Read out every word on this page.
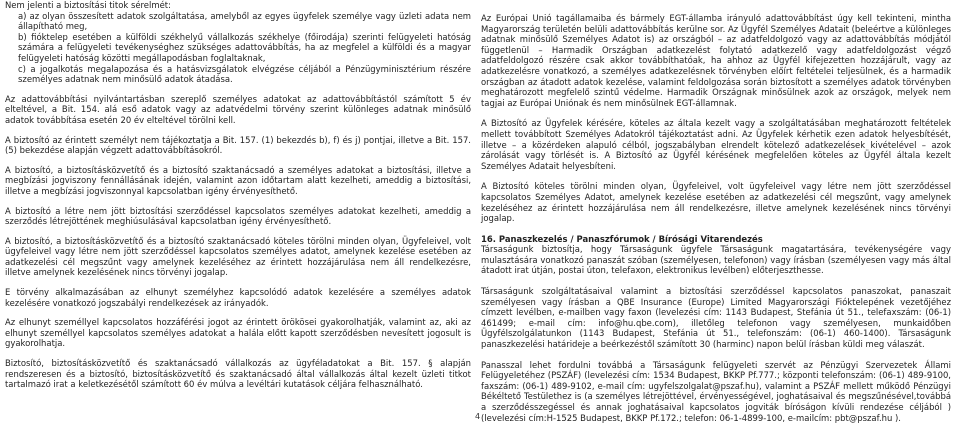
Nem jelenti a biztosítási titok sérelmét:
a) az olyan összesített adatok szolgáltatása, amelyből az egyes ügyfelek személye vagy üzleti adata nem állapítható meg,
b) fióktelep esetében a külföldi székhelyű vállalkozás székhelye (főirodája) szerinti felügyeleti hatóság számára a felügyeleti tevékenységhez szükséges adattovábbítás, ha az megfelel a külföldi és a magyar felügyeleti hatóság közötti megállapodásban foglaltaknak,
c) a jogalkotás megalapozása és a hatásvizsgálatok elvégzése céljából a Pénzügyminisztérium részére személyes adatnak nem minősülő adatok átadása.
Az adattovábbítási nyilvántartásban szereplő személyes adatokat az adattovábbítástól számított 5 év elteltével, a Bit. 154. alá eső adatok vagy az adatvédelmi törvény szerint különleges adatnak minősülő adatok továbbítása esetén 20 év elteltével törölni kell.
A biztosító az érintett személyt nem tájékoztatja a Bit. 157. (1) bekezdés b), f) és j) pontjai, illetve a Bit. 157. (5) bekezdése alapján végzett adattovábbításokról.
A biztosító, a biztosításközvetítő és a biztosító szaktanácsadó a személyes adatokat a biztosítási, illetve a megbízási jogviszony fennállásának idején, valamint azon időtartam alatt kezelheti, ameddig a biztosítási, illetve a megbízási jogviszonnyal kapcsolatban igény érvényesíthető.
A biztosító a létre nem jött biztosítási szerződéssel kapcsolatos személyes adatokat kezelheti, ameddig a szerződés létrejöttének meghiúsulásával kapcsolatban igény érvényesíthető.
A biztosító, a biztosításközvetítő és a biztosító szaktanácsadó köteles törölni minden olyan, Ügyfeleivel, volt ügyfeleivel vagy létre nem jött szerződéssel kapcsolatos személyes adatot, amelynek kezelése esetében az adatkezelési cél megszűnt vagy amelynek kezeléséhez az érintett hozzájárulása nem áll rendelkezésre, illetve amelynek kezelésének nincs törvényi jogalap.
E törvény alkalmazásában az elhunyt személyhez kapcsolódó adatok kezelésére a személyes adatok kezelésére vonatkozó jogszabályi rendelkezések az irányadók.
Az elhunyt személlyel kapcsolatos hozzáférési jogot az érintett örökösei gyakorolhatják, valamint az, aki az elhunyt személlyel kapcsolatos személyes adatokat a halála előtt kapott szerződésben nevesített jogosult is gyakorolhatja.
Biztosító, biztosításközvetítő és szaktanácsadó vállalkozás az ügyféladatokat a Bit. 157. § alapján rendszeresen és a biztosító, biztosításközvetítő és szaktanácsadó által vállalkozás által kezelt üzleti titkot tartalmazó irat a keletkezésétől számított 60 év múlva a levéltári kutatások céljára felhasználható.
4
Az Európai Unió tagállamaiba és bármely EGT-államba irányuló adattovábbítást úgy kell tekinteni, mintha Magyarország területén belüli adattovábbítás kerülne sor. Az Ügyfél Személyes Adatait (beleértve a különleges adatnak minősülő Személyes Adatot is) az országból – az adatfeldolgozó vagy az adattovábbítás módjától függetlenül – Harmadik Országban adatkezelést folytató adatkezelő vagy adatfeldolgozást végző adatfeldolgozó részére csak akkor továbbíthatóak, ha ahhoz az Ügyfél kifejezetten hozzájárult, vagy az adatkezelésre vonatkozó, a személyes adatkezelésnek törvényben előírt feltételei teljesülnek, és a harmadik országban az átadott adatok kezelése, valamint feldolgozása során biztosított a személyes adatok törvényben meghatározott megfelelő szintű védelme. Harmadik Országnak minősülnek azok az országok, melyek nem tagjai az Európai Uniónak és nem minősülnek EGT-államnak.
A Biztosító az Ügyfelek kérésére, köteles az általa kezelt vagy a szolgáltatásában meghatározott feltételek mellett továbbított Személyes Adatokról tájékoztatást adni. Az Ügyfelek kérhetik ezen adatok helyesbítését, illetve – a közérdeken alapuló célból, jogszabályban elrendelt kötelező adatkezelések kivételével – azok zárolását vagy törlését is. A Biztosító az Ügyfél kérésének megfelelően köteles az Ügyfél általa kezelt Személyes Adatait helyesbíteni.
A Biztosító köteles törölni minden olyan, Ügyfeleivel, volt ügyfeleivel vagy létre nem jött szerződéssel kapcsolatos Személyes Adatot, amelynek kezelése esetében az adatkezelési cél megszűnt, vagy amelynek kezeléséhez az érintett hozzájárulása nem áll rendelkezésre, illetve amelynek kezelésének nincs törvényi jogalap.
16. Panaszkezelés / Panaszfórumok / Bírósági Vitarendezés
Társaságunk biztosítja, hogy Társaságunk ügyfele Társaságunk magatartására, tevékenységére vagy mulasztására vonatkozó panaszát szóban (személyesen, telefonon) vagy írásban (személyesen vagy más által átadott irat útján, postai úton, telefaxon, elektronikus levélben) előterjeszthesse.
Társaságunk szolgáltatásaival valamint a biztosítási szerződéssel kapcsolatos panaszokat, panaszait személyesen vagy írásban a QBE Insurance (Europe) Limited Magyarországi Fióktelepének vezetőjéhez címzett levélben, e-mailben vagy faxon (levelezési cím: 1143 Budapest, Stefánia út 51., telefaxszám: (06-1) 461499; e-mail cím: info@hu.qbe.com), illetőleg telefonon vagy személyesen, munkaidőben Ügyfélszolgálatunkon (1143 Budapest, Stefánia út 51., telefonszám: (06-1) 460-1400). Társaságunk panaszkezelési határideje a beérkezéstől számított 30 (harminc) napon belül írásban küldi meg válaszát.
Panasszal lehet fordulni továbbá a Társaságunk felügyeleti szervét az Pénzügyi Szervezetek Állami Felügyeletéhez (PSZÁF) (levelezési cím: 1534 Budapest, BKKP Pf.777.; központi telefonszám: (06-1) 489-9100, faxszám: (06-1) 489-9102, e-mail cím: ugyfelszolgalat@pszaf.hu), valamint a PSZÁF mellett működő Pénzügyi Békéltető Testülethez is (a személyes létrejöttével, érvényességével, joghatásaival és megszűnésével,továbbá a szerződésszegéssel és annak joghatásaival kapcsolatos jogviták bíróságon kívüli rendezése céljából ) (levelezési cím:H-1525 Budapest, BKKP Pf.172.; telefon: 06-1-4899-100, e-mailcím: pbt@pszaf.hu ).
